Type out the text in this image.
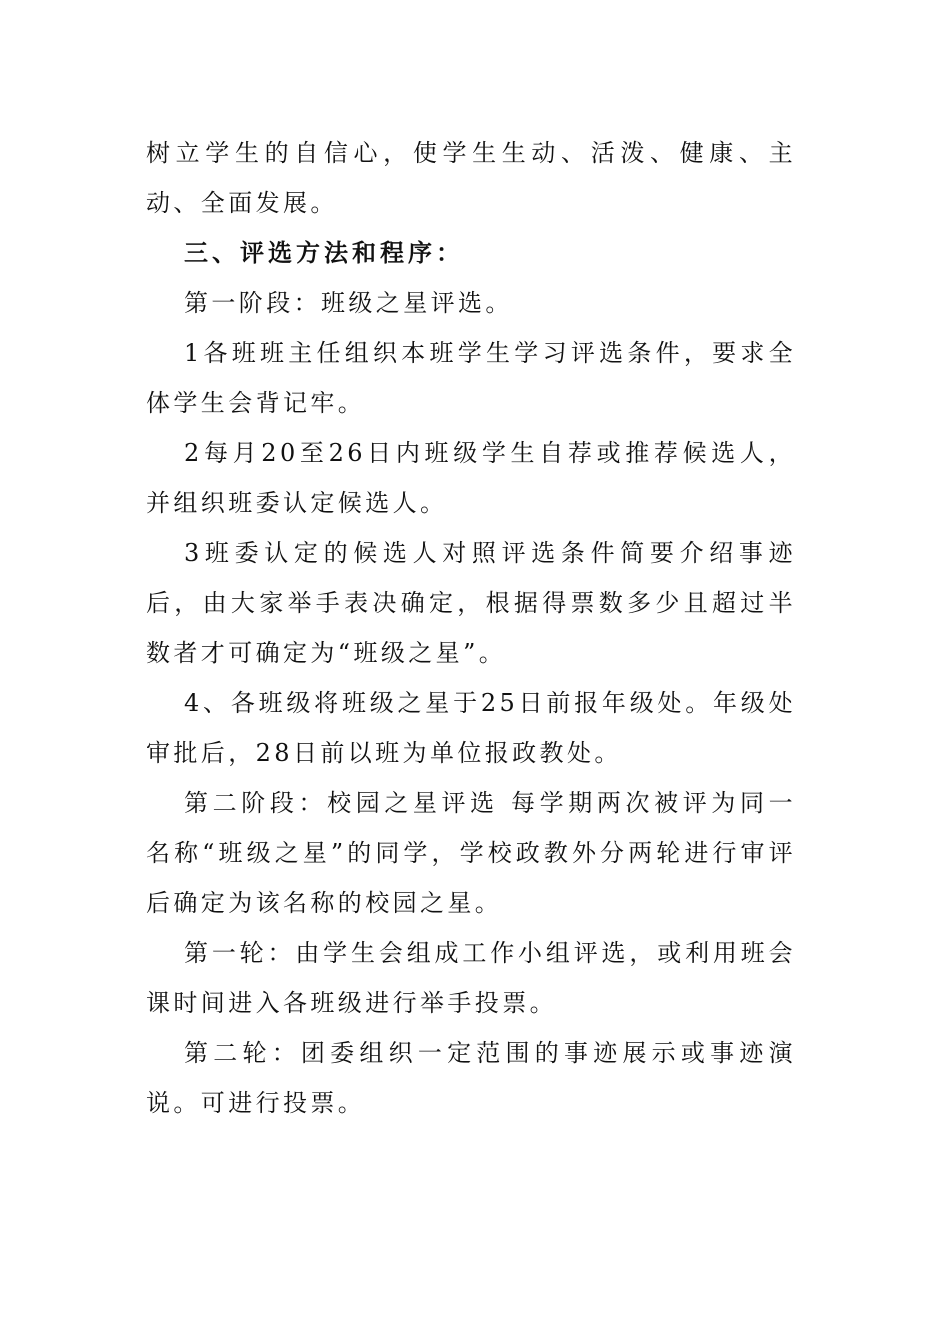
树立学生的自信心，使学生生动、活泼、健康、主动、全面发展。

三、评选方法和程序：

第一阶段：班级之星评选。

1各班班主任组织本班学生学习评选条件，要求全体学生会背记牢。

2每月20至26日内班级学生自荐或推荐候选人，并组织班委认定候选人。

3班委认定的候选人对照评选条件简要介绍事迹后，由大家举手表决确定，根据得票数多少且超过半数者才可确定为“班级之星”。

4、各班级将班级之星于25日前报年级处。年级处审批后，28日前以班为单位报政教处。

第二阶段：校园之星评选 每学期两次被评为同一名称“班级之星”的同学，学校政教外分两轮进行审评后确定为该名称的校园之星。

第一轮：由学生会组成工作小组评选，或利用班会课时间进入各班级进行举手投票。

第二轮：团委组织一定范围的事迹展示或事迹演说。可进行投票。
